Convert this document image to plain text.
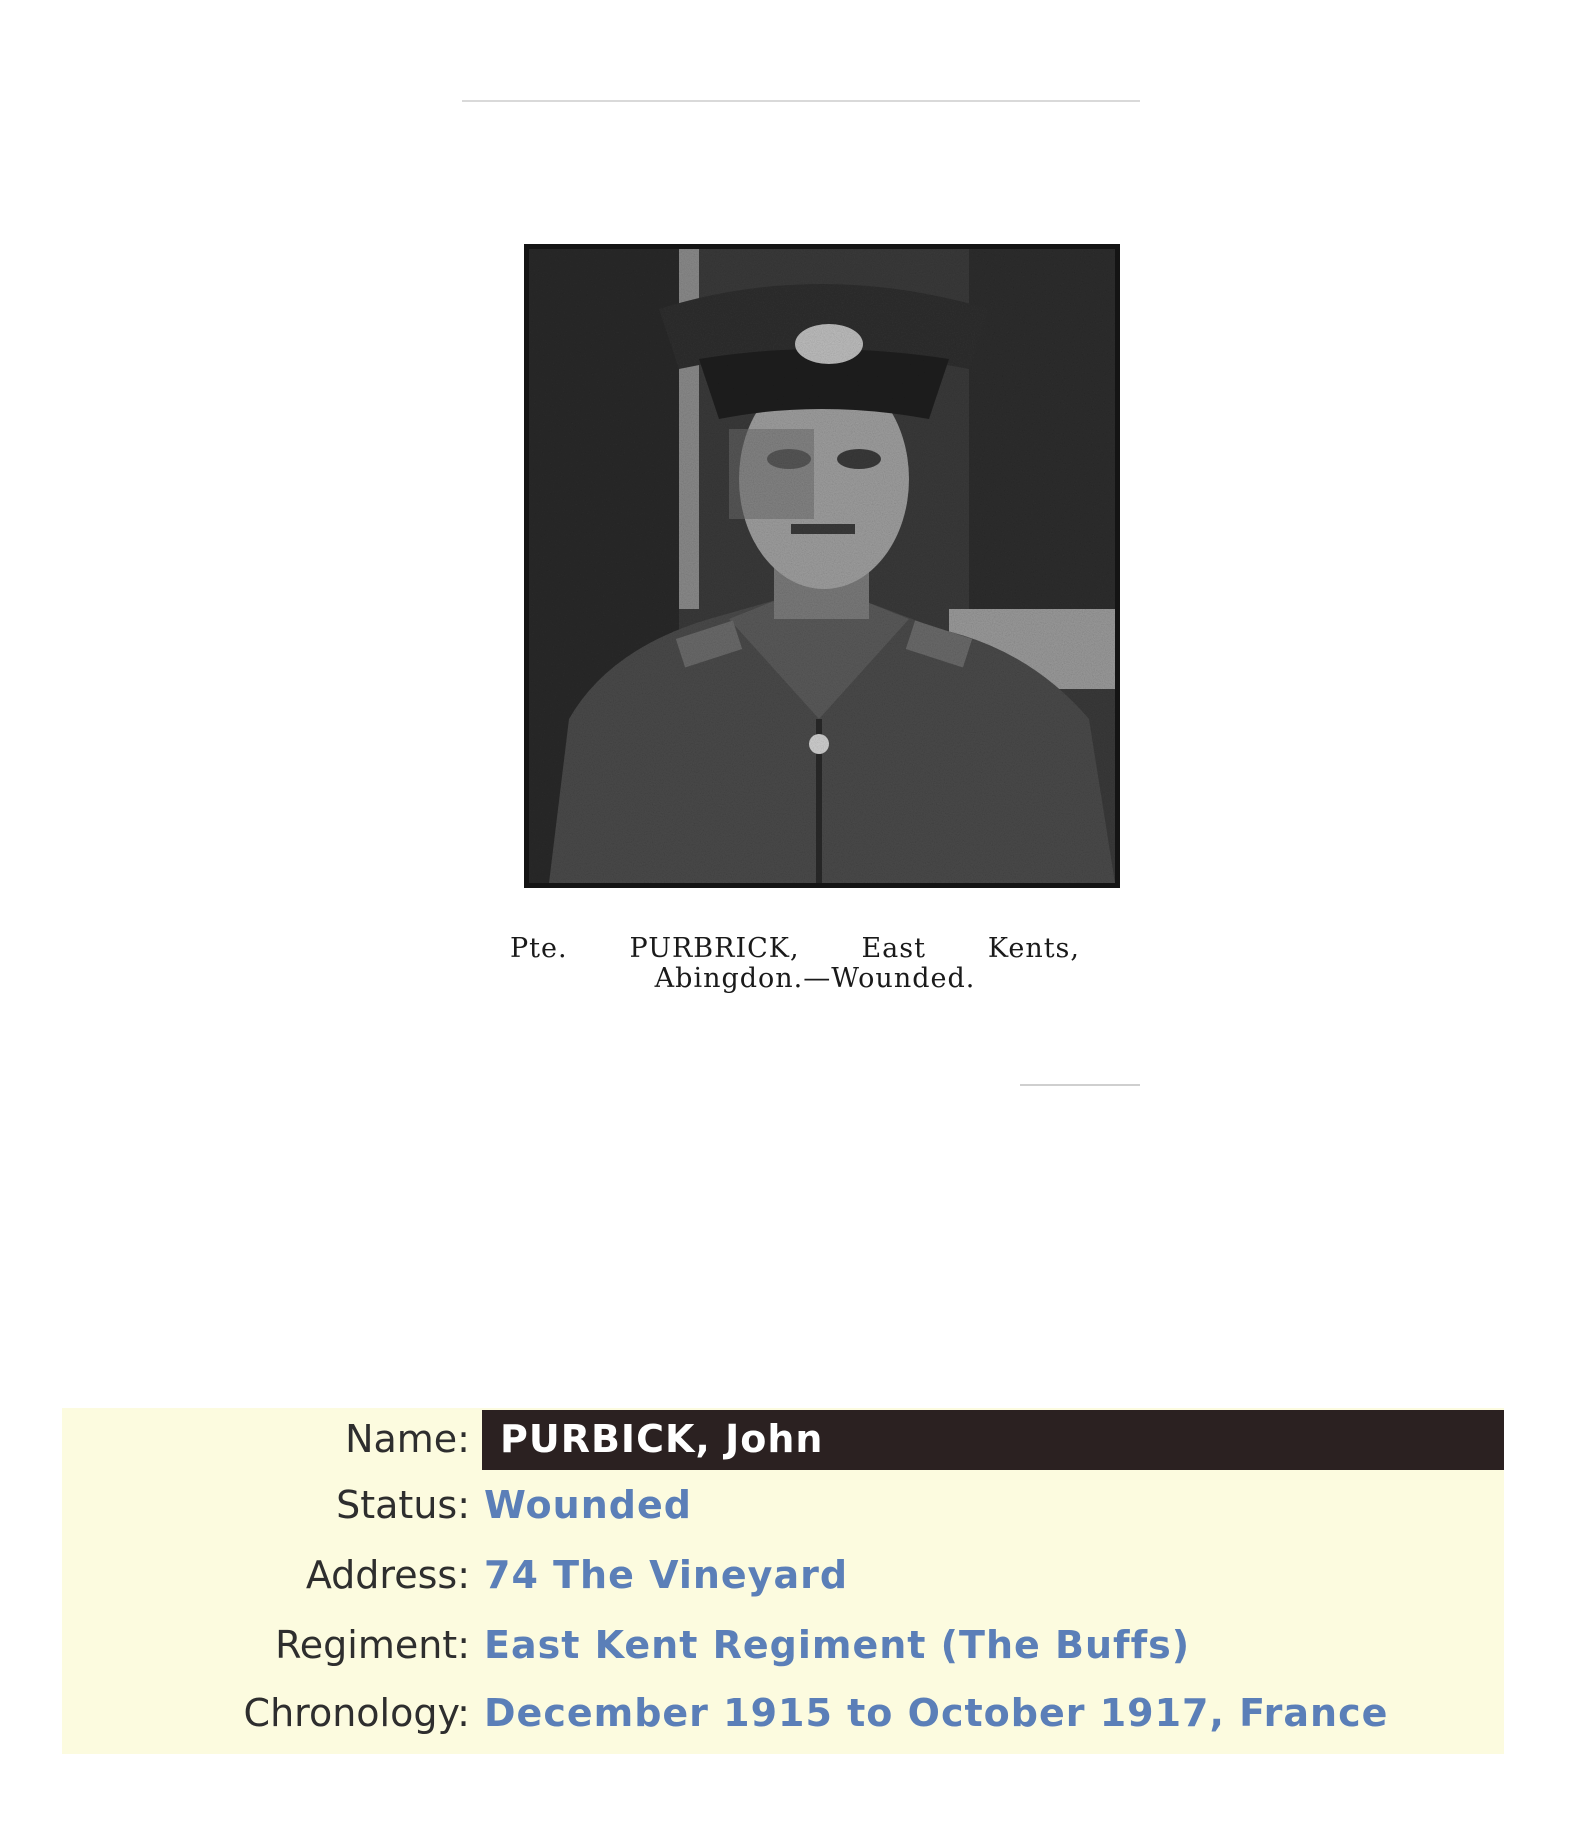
Pte. PURBRICK, East Kents,
Abingdon.—Wounded.
Name: PURBICK, John
Status: Wounded
Address: 74 The Vineyard
Regiment: East Kent Regiment (The Buffs)
Chronology: December 1915 to October 1917, France
